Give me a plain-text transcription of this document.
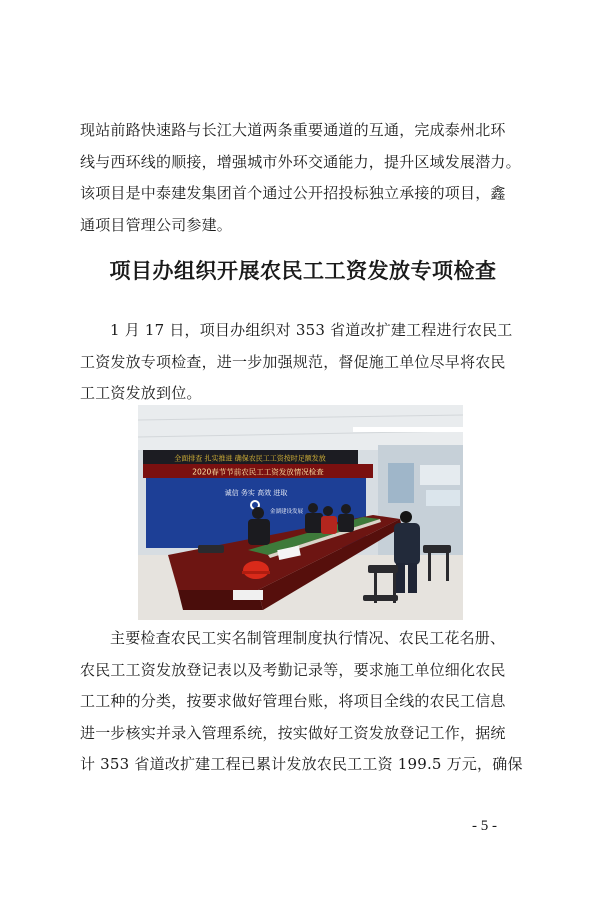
现站前路快速路与长江大道两条重要通道的互通，完成泰州北环
线与西环线的顺接，增强城市外环交通能力，提升区域发展潜力。
该项目是中泰建发集团首个通过公开招投标独立承接的项目，鑫
通项目管理公司参建。
项目办组织开展农民工工资发放专项检查
1 月 17 日，项目办组织对 353 省道改扩建工程进行农民工
工资发放专项检查，进一步加强规范，督促施工单位尽早将农民
工工资发放到位。
全面排查 扎实推进 确保农民工工资按时足额发放
2020春节节前农民工工资发放情况检查
诚信 务实 高效 进取
金湖建设发展
主要检查农民工实名制管理制度执行情况、农民工花名册、
农民工工资发放登记表以及考勤记录等，要求施工单位细化农民
工工种的分类，按要求做好管理台账，将项目全线的农民工信息
进一步核实并录入管理系统，按实做好工资发放登记工作，据统
计 353 省道改扩建工程已累计发放农民工工资 199.5 万元，确保
- 5 -
